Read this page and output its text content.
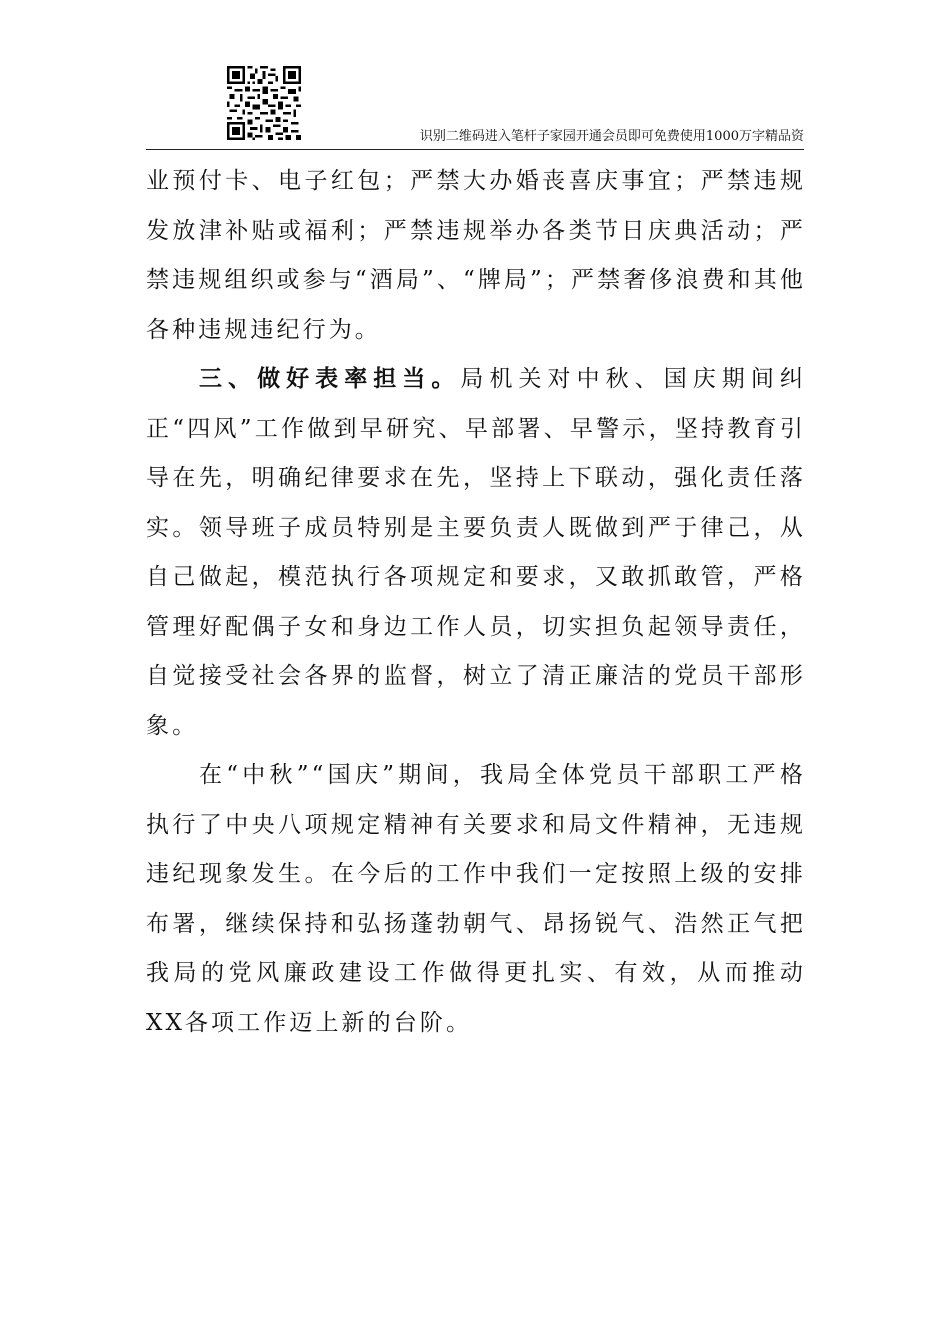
识别二维码进入笔杆子家园开通会员即可免费使用1000万字精品资

业预付卡、电子红包；严禁大办婚丧喜庆事宜；严禁违规发放津补贴或福利；严禁违规举办各类节日庆典活动；严禁违规组织或参与“酒局”、“牌局”；严禁奢侈浪费和其他各种违规违纪行为。

三、做好表率担当。局机关对中秋、国庆期间纠正“四风”工作做到早研究、早部署、早警示，坚持教育引导在先，明确纪律要求在先，坚持上下联动，强化责任落实。领导班子成员特别是主要负责人既做到严于律己，从自己做起，模范执行各项规定和要求，又敢抓敢管，严格管理好配偶子女和身边工作人员，切实担负起领导责任，自觉接受社会各界的监督，树立了清正廉洁的党员干部形象。

在“中秋”“国庆”期间，我局全体党员干部职工严格执行了中央八项规定精神有关要求和局文件精神，无违规违纪现象发生。在今后的工作中我们一定按照上级的安排布署，继续保持和弘扬蓬勃朝气、昂扬锐气、浩然正气把我局的党风廉政建设工作做得更扎实、有效，从而推动XX各项工作迈上新的台阶。
